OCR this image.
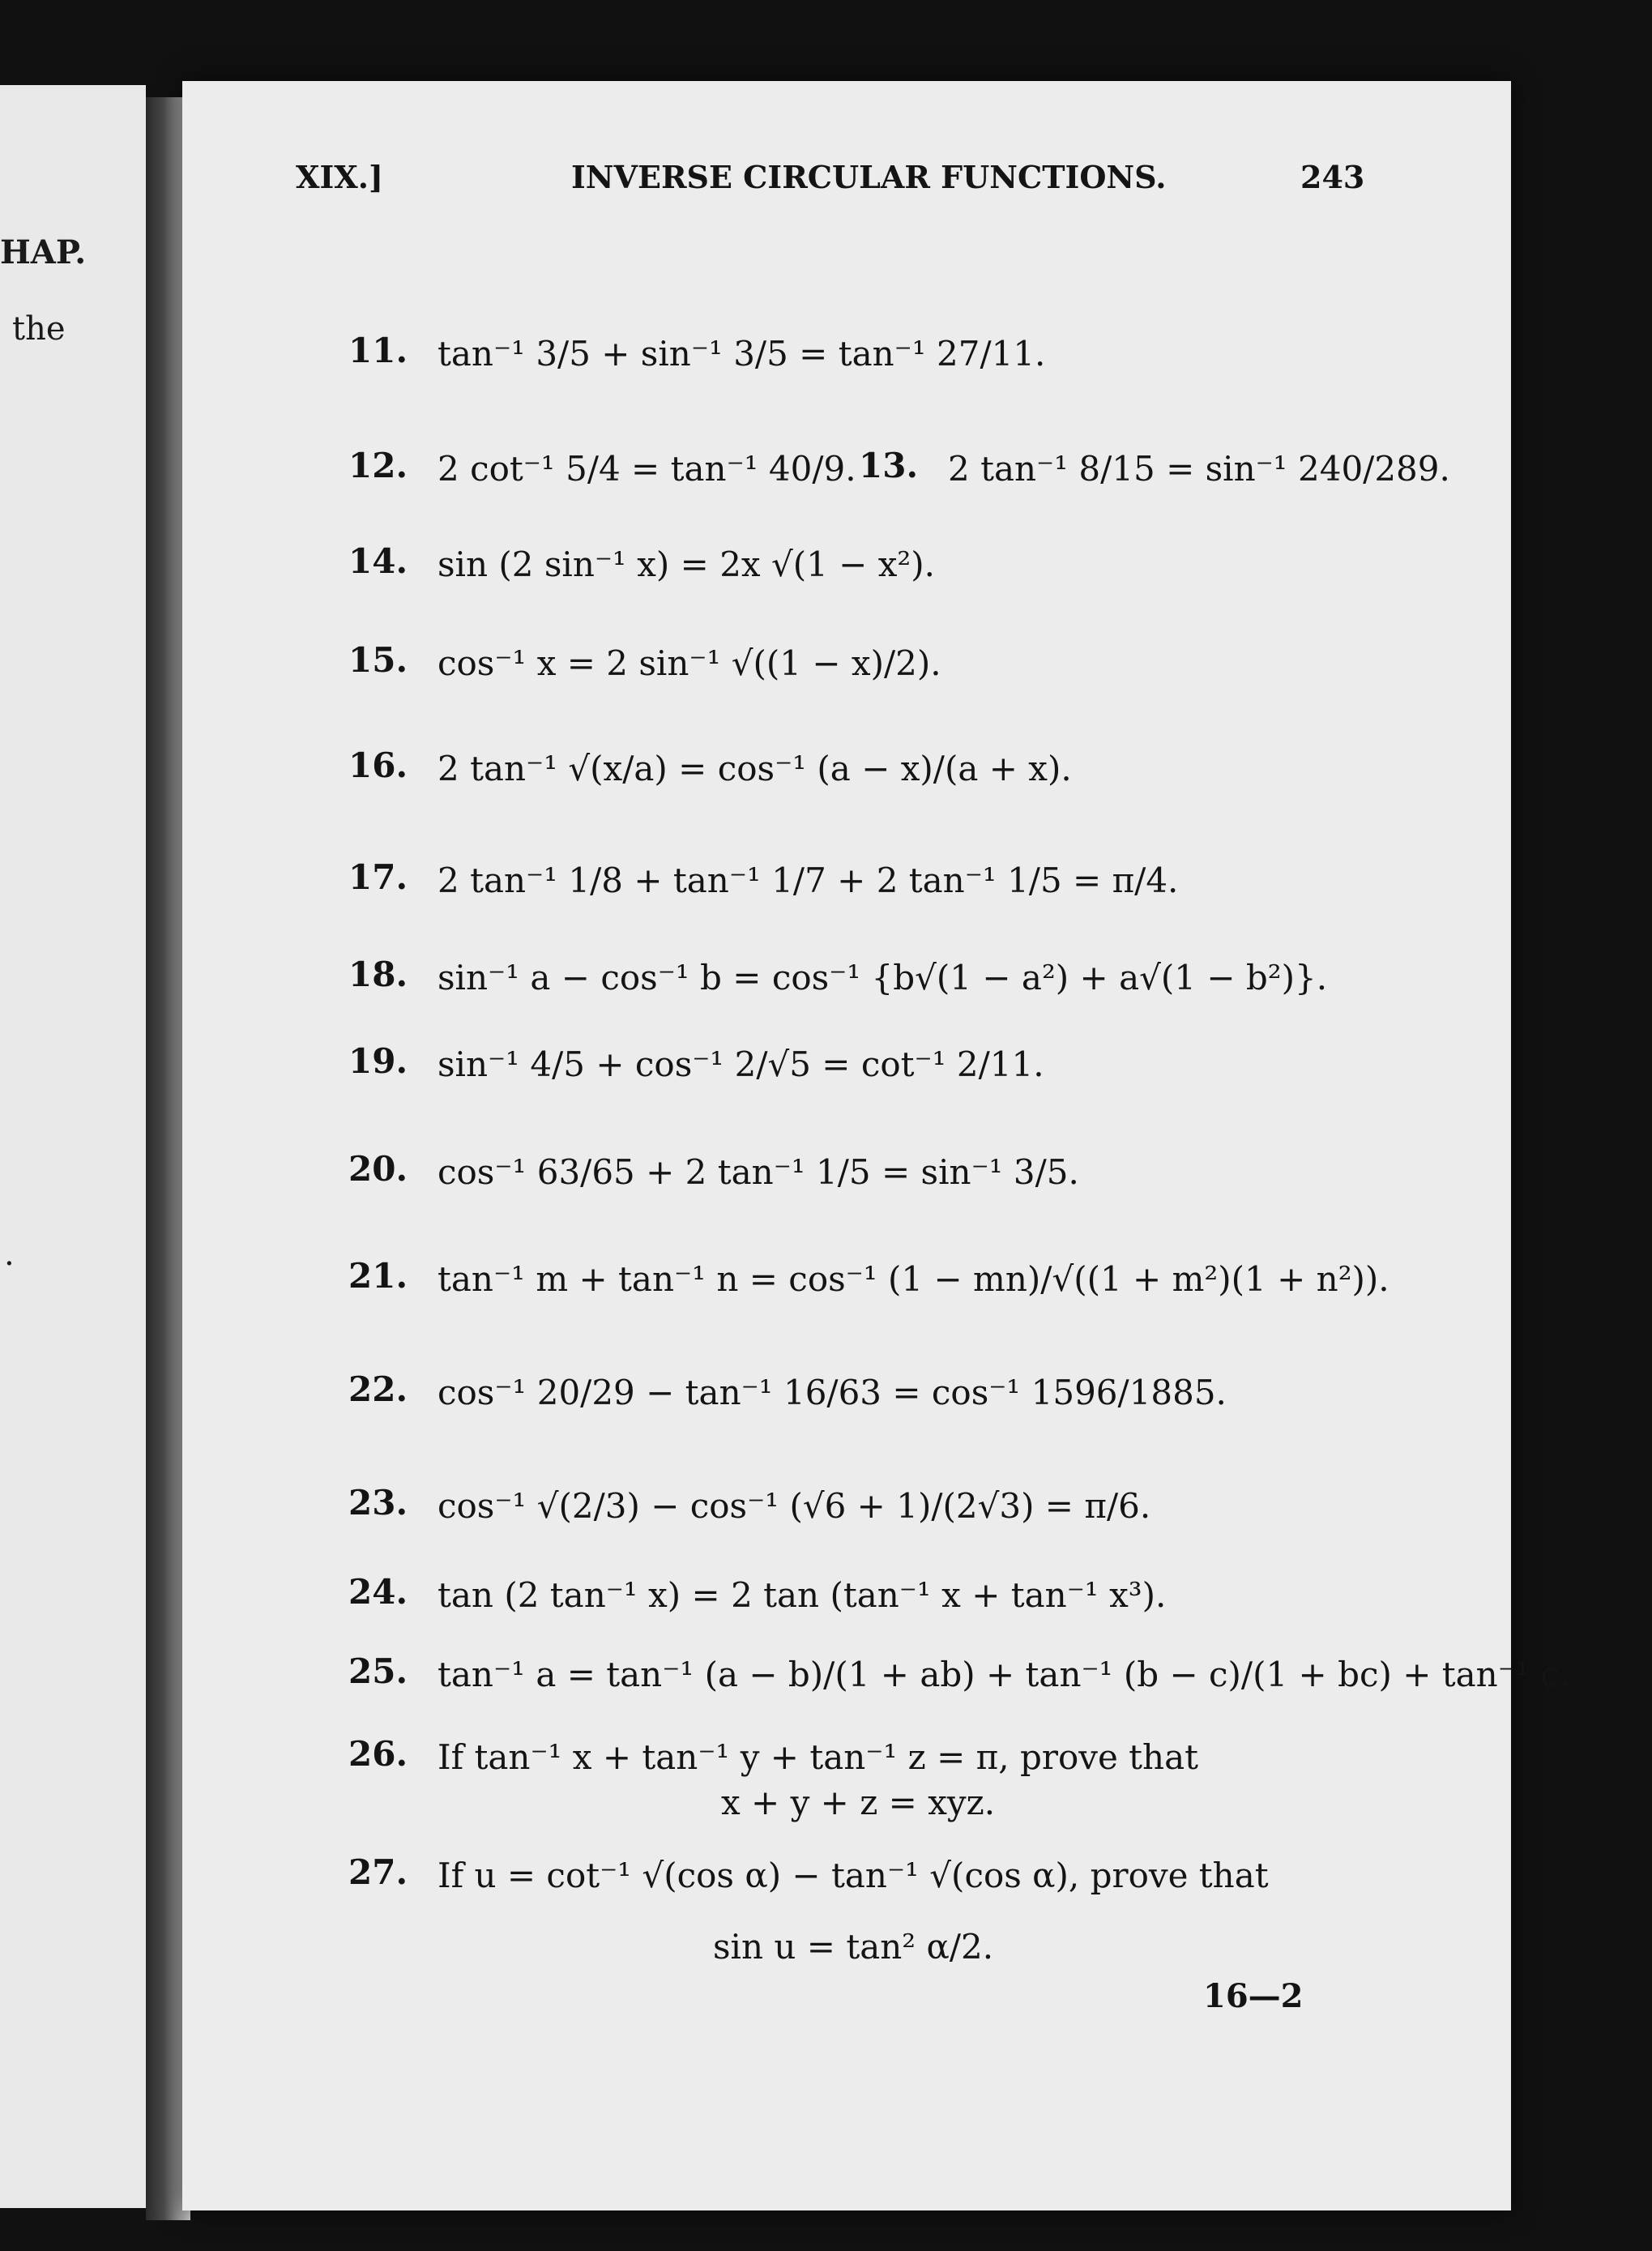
HAP.
the
.
XIX.]	INVERSE CIRCULAR FUNCTIONS.	243
11. tan⁻¹ 3/5 + sin⁻¹ 3/5 = tan⁻¹ 27/11.
12. 2 cot⁻¹ 5/4 = tan⁻¹ 40/9. 13. 2 tan⁻¹ 8/15 = sin⁻¹ 240/289.
14. sin (2 sin⁻¹ x) = 2x √(1 − x²).
15. cos⁻¹ x = 2 sin⁻¹ √((1 − x)/2).
16. 2 tan⁻¹ √(x/a) = cos⁻¹ (a − x)/(a + x).
17. 2 tan⁻¹ 1/8 + tan⁻¹ 1/7 + 2 tan⁻¹ 1/5 = π/4.
18. sin⁻¹ a − cos⁻¹ b = cos⁻¹ {b√(1 − a²) + a√(1 − b²)}.
19. sin⁻¹ 4/5 + cos⁻¹ 2/√5 = cot⁻¹ 2/11.
20. cos⁻¹ 63/65 + 2 tan⁻¹ 1/5 = sin⁻¹ 3/5.
21. tan⁻¹ m + tan⁻¹ n = cos⁻¹ (1 − mn)/√((1 + m²)(1 + n²)).
22. cos⁻¹ 20/29 − tan⁻¹ 16/63 = cos⁻¹ 1596/1885.
23. cos⁻¹ √(2/3) − cos⁻¹ (√6 + 1)/(2√3) = π/6.
24. tan (2 tan⁻¹ x) = 2 tan (tan⁻¹ x + tan⁻¹ x³).
25. tan⁻¹ a = tan⁻¹ (a − b)/(1 + ab) + tan⁻¹ (b − c)/(1 + bc) + tan⁻¹ c.
26. If tan⁻¹ x + tan⁻¹ y + tan⁻¹ z = π, prove that
x + y + z = xyz.
27. If u = cot⁻¹ √(cos α) − tan⁻¹ √(cos α), prove that
sin u = tan² α/2.
16—2
